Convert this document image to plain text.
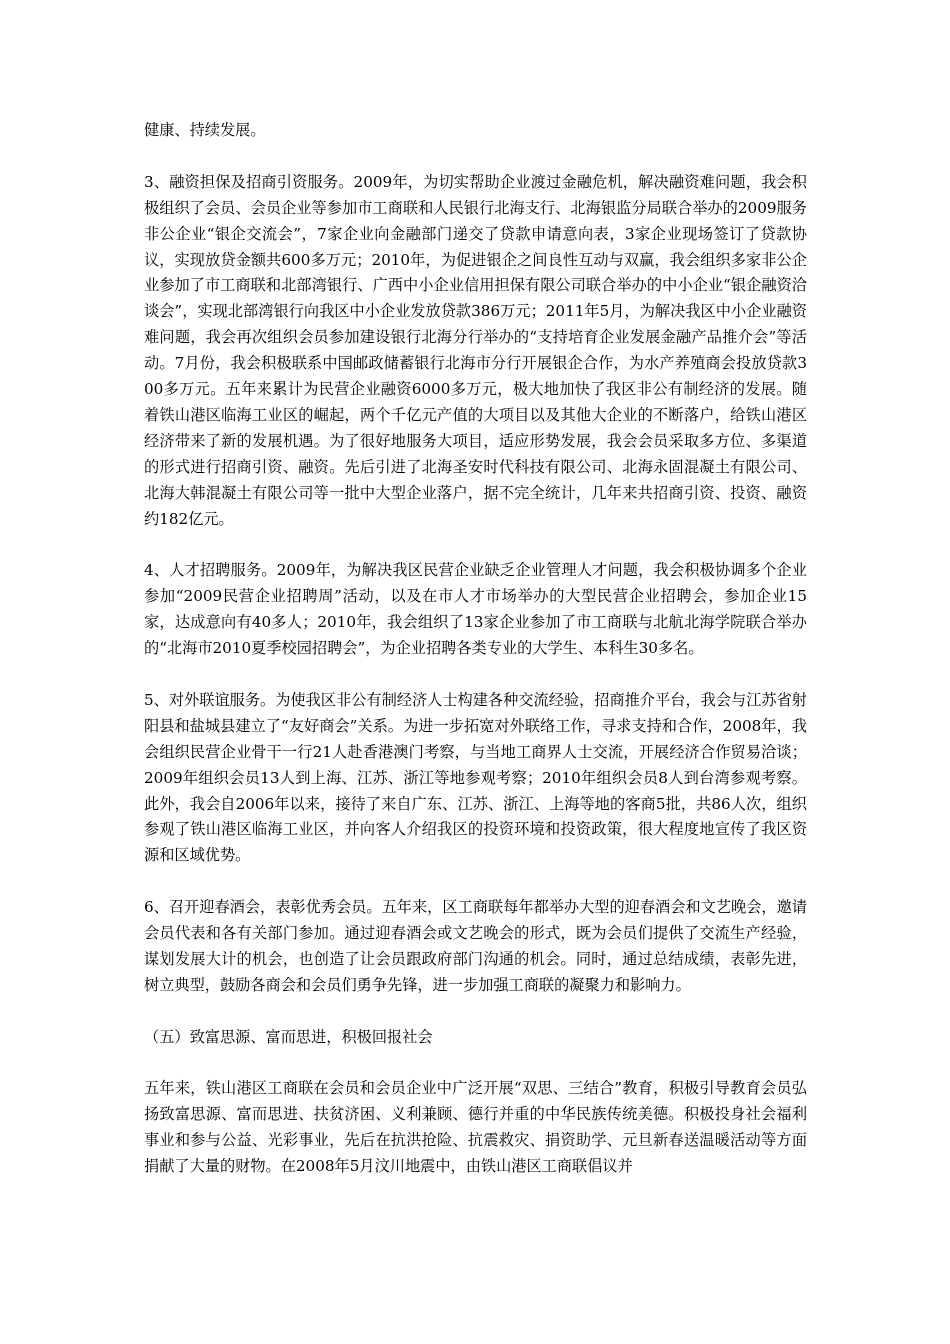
健康、持续发展。

3、融资担保及招商引资服务。2009年，为切实帮助企业渡过金融危机，解决融资难问题，我会积极组织了会员、会员企业等参加市工商联和人民银行北海支行、北海银监分局联合举办的2009服务非公企业“银企交流会”，7家企业向金融部门递交了贷款申请意向表，3家企业现场签订了贷款协议，实现放贷金额共600多万元；2010年，为促进银企之间良性互动与双赢，我会组织多家非公企业参加了市工商联和北部湾银行、广西中小企业信用担保有限公司联合举办的中小企业“银企融资洽谈会”，实现北部湾银行向我区中小企业发放贷款386万元；2011年5月，为解决我区中小企业融资难问题，我会再次组织会员参加建设银行北海分行举办的“支持培育企业发展金融产品推介会”等活动。7月份，我会积极联系中国邮政储蓄银行北海市分行开展银企合作，为水产养殖商会投放贷款300多万元。五年来累计为民营企业融资6000多万元，极大地加快了我区非公有制经济的发展。随着铁山港区临海工业区的崛起，两个千亿元产值的大项目以及其他大企业的不断落户，给铁山港区经济带来了新的发展机遇。为了很好地服务大项目，适应形势发展，我会会员采取多方位、多渠道的形式进行招商引资、融资。先后引进了北海圣安时代科技有限公司、北海永固混凝土有限公司、北海大韩混凝土有限公司等一批中大型企业落户，据不完全统计，几年来共招商引资、投资、融资约182亿元。

4、人才招聘服务。2009年，为解决我区民营企业缺乏企业管理人才问题，我会积极协调多个企业参加“2009民营企业招聘周”活动，以及在市人才市场举办的大型民营企业招聘会，参加企业15家，达成意向有40多人；2010年，我会组织了13家企业参加了市工商联与北航北海学院联合举办的“北海市2010夏季校园招聘会”，为企业招聘各类专业的大学生、本科生30多名。

5、对外联谊服务。为使我区非公有制经济人士构建各种交流经验，招商推介平台，我会与江苏省射阳县和盐城县建立了“友好商会”关系。为进一步拓宽对外联络工作，寻求支持和合作，2008年，我会组织民营企业骨干一行21人赴香港澳门考察，与当地工商界人士交流，开展经济合作贸易洽谈；2009年组织会员13人到上海、江苏、浙江等地参观考察；2010年组织会员8人到台湾参观考察。此外，我会自2006年以来，接待了来自广东、江苏、浙江、上海等地的客商5批，共86人次，组织参观了铁山港区临海工业区，并向客人介绍我区的投资环境和投资政策，很大程度地宣传了我区资源和区域优势。

6、召开迎春酒会，表彰优秀会员。五年来，区工商联每年都举办大型的迎春酒会和文艺晚会，邀请会员代表和各有关部门参加。通过迎春酒会或文艺晚会的形式，既为会员们提供了交流生产经验，谋划发展大计的机会，也创造了让会员跟政府部门沟通的机会。同时，通过总结成绩，表彰先进，树立典型，鼓励各商会和会员们勇争先锋，进一步加强工商联的凝聚力和影响力。

（五）致富思源、富而思进，积极回报社会

五年来，铁山港区工商联在会员和会员企业中广泛开展“双思、三结合”教育，积极引导教育会员弘扬致富思源、富而思进、扶贫济困、义利兼顾、德行并重的中华民族传统美德。积极投身社会福利事业和参与公益、光彩事业，先后在抗洪抢险、抗震救灾、捐资助学、元旦新春送温暖活动等方面捐献了大量的财物。在2008年5月汶川地震中，由铁山港区工商联倡议并
